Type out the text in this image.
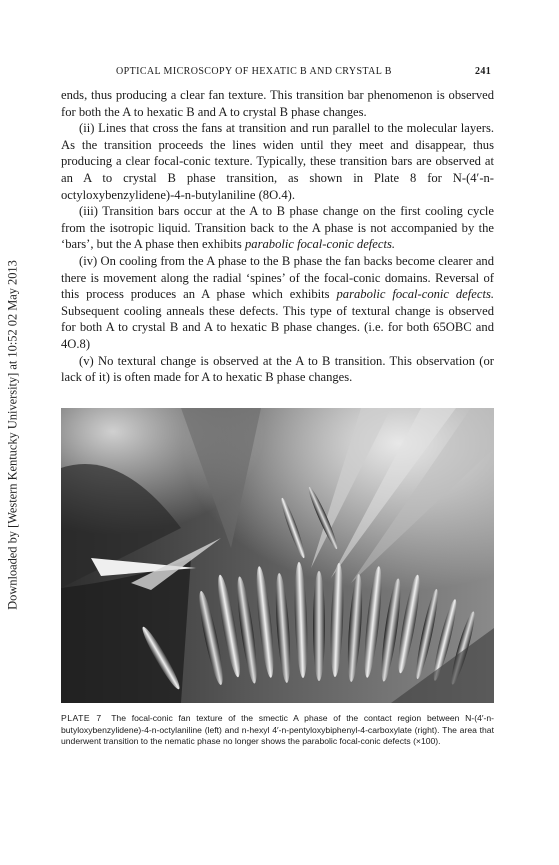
Downloaded by [Western Kentucky University] at 10:52 02 May 2013
OPTICAL MICROSCOPY OF HEXATIC B AND CRYSTAL B	241

ends, thus producing a clear fan texture. This transition bar phenomenon is observed for both the A to hexatic B and A to crystal B phase changes.

(ii) Lines that cross the fans at transition and run parallel to the molecular layers. As the transition proceeds the lines widen until they meet and disappear, thus producing a clear focal-conic texture. Typically, these transition bars are observed at an A to crystal B phase transition, as shown in Plate 8 for N-(4′-n-octyloxybenzylidene)-4-n-butylaniline (8O.4).

(iii) Transition bars occur at the A to B phase change on the first cooling cycle from the isotropic liquid. Transition back to the A phase is not accompanied by the ‘bars’, but the A phase then exhibits parabolic focal-conic defects.

(iv) On cooling from the A phase to the B phase the fan backs become clearer and there is movement along the radial ‘spines’ of the focal-conic domains. Reversal of this process produces an A phase which exhibits parabolic focal-conic defects. Subsequent cooling anneals these defects. This type of textural change is observed for both A to crystal B and A to hexatic B phase changes. (i.e. for both 65OBC and 4O.8)

(v) No textural change is observed at the A to B transition. This observation (or lack of it) is often made for A to hexatic B phase changes.

PLATE 7 The focal-conic fan texture of the smectic A phase of the contact region between N-(4′-n-butyloxybenzylidene)-4-n-octylaniline (left) and n-hexyl 4′-n-pentyloxybiphenyl-4-carboxylate (right). The area that underwent transition to the nematic phase no longer shows the parabolic focal-conic defects (×100).
